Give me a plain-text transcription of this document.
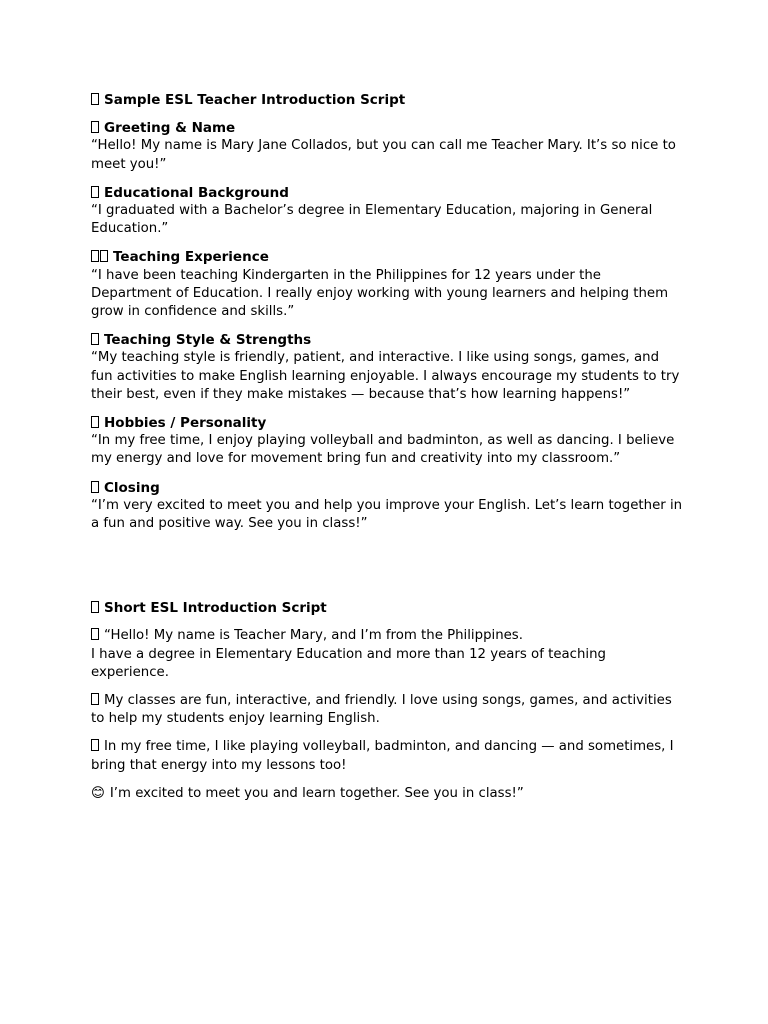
Sample ESL Teacher Introduction Script

Greeting & Name

“Hello! My name is Mary Jane Collados, but you can call me Teacher Mary. It’s so nice to meet you!”

Educational Background

“I graduated with a Bachelor’s degree in Elementary Education, majoring in General Education.”

Teaching Experience

“I have been teaching Kindergarten in the Philippines for 12 years under the Department of Education. I really enjoy working with young learners and helping them grow in confidence and skills.”

Teaching Style & Strengths

“My teaching style is friendly, patient, and interactive. I like using songs, games, and fun activities to make English learning enjoyable. I always encourage my students to try their best, even if they make mistakes — because that’s how learning happens!”

Hobbies / Personality

“In my free time, I enjoy playing volleyball and badminton, as well as dancing. I believe my energy and love for movement bring fun and creativity into my classroom.”

Closing

“I’m very excited to meet you and help you improve your English. Let’s learn together in a fun and positive way. See you in class!”

Short ESL Introduction Script

“Hello! My name is Teacher Mary, and I’m from the Philippines.
I have a degree in Elementary Education and more than 12 years of teaching experience.

My classes are fun, interactive, and friendly. I love using songs, games, and activities to help my students enjoy learning English.

In my free time, I like playing volleyball, badminton, and dancing — and sometimes, I bring that energy into my lessons too!

😊 I’m excited to meet you and learn together. See you in class!”
